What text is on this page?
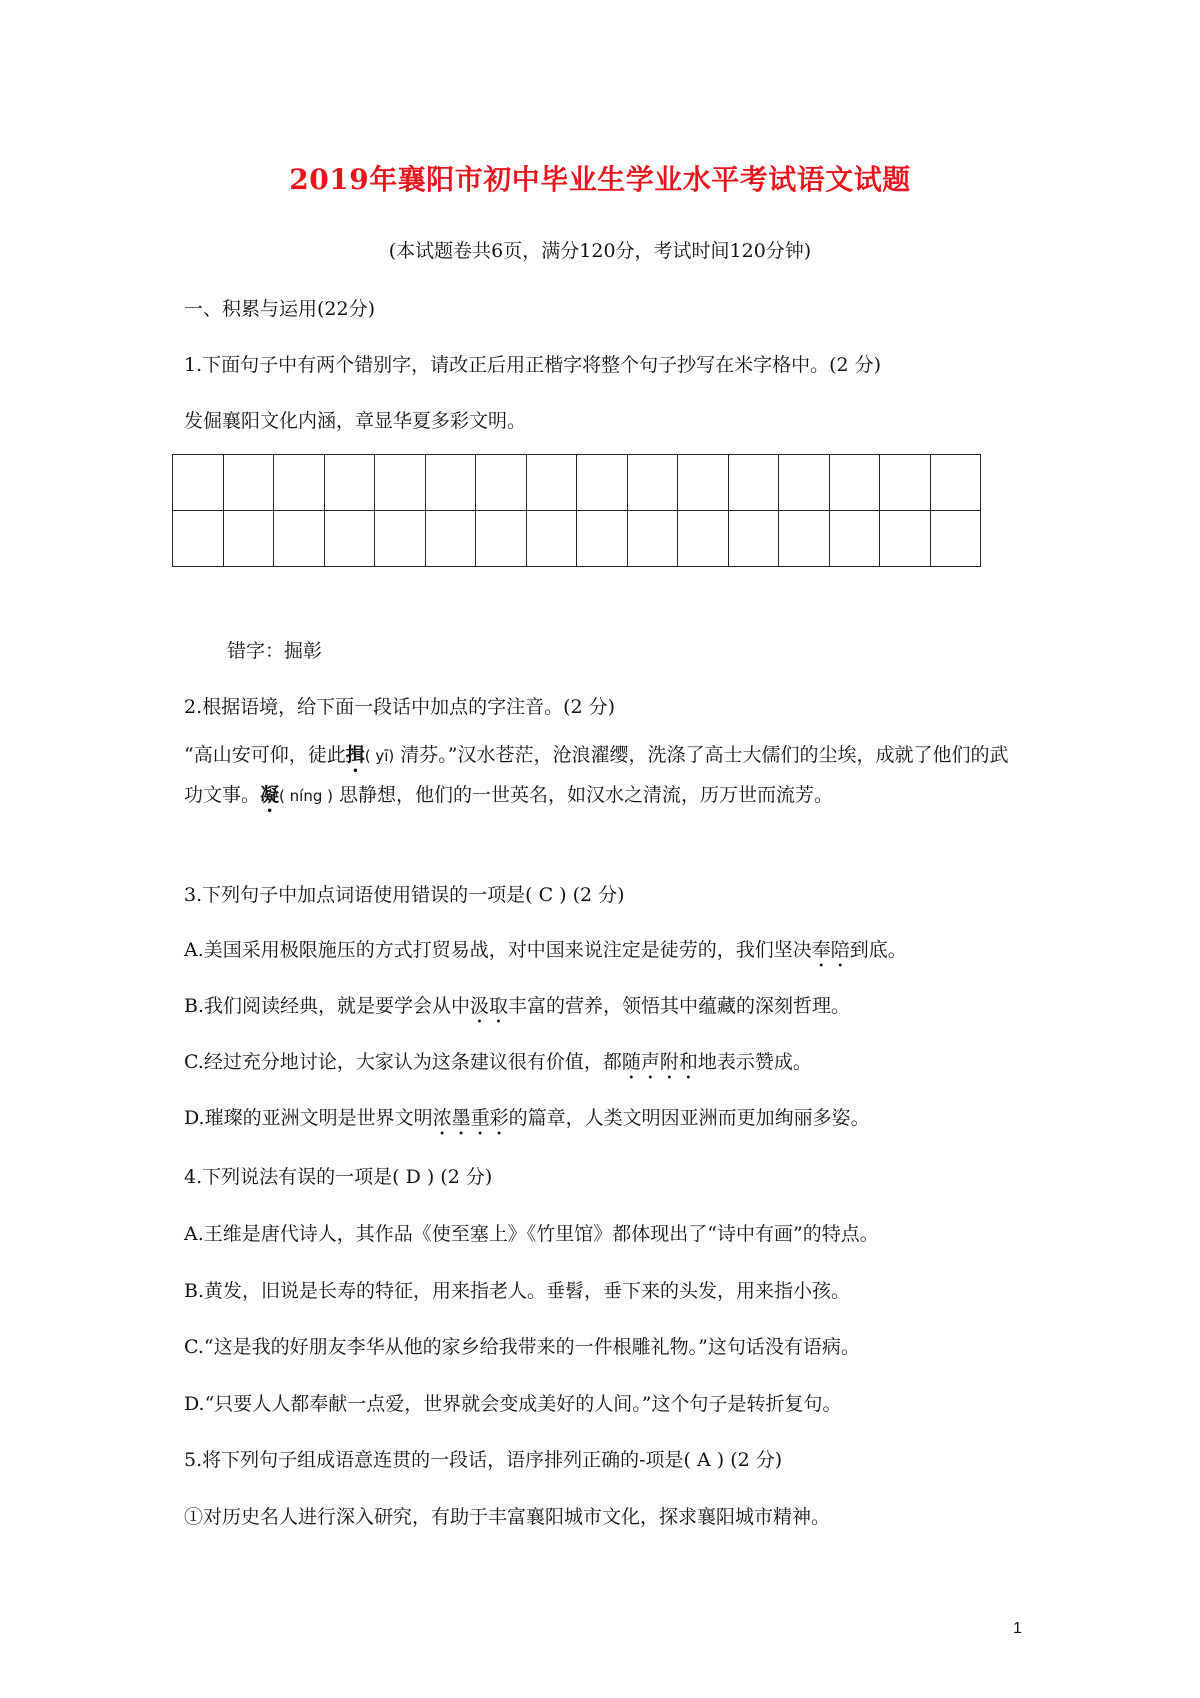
2019年襄阳市初中毕业生学业水平考试语文试题
(本试题卷共6页，满分120分，考试时间120分钟)
一、积累与运用(22分)
1.下面句子中有两个错别字，请改正后用正楷字将整个句子抄写在米字格中。(2 分)
发倔襄阳文化内涵，章显华夏多彩文明。

错字：掘彰
2.根据语境，给下面一段话中加点的字注音。(2 分)
“高山安可仰，徒此揖( yī) 清芬。”汉水苍茫，沧浪濯缨，洗涤了高士大儒们的尘埃，成就了他们的武功文事。凝( níng ) 思静想，他们的一世英名，如汉水之清流，历万世而流芳。
3.下列句子中加点词语使用错误的一项是( C ) (2 分)
A.美国采用极限施压的方式打贸易战，对中国来说注定是徒劳的，我们坚决奉陪到底。
B.我们阅读经典，就是要学会从中汲取丰富的营养，领悟其中蕴藏的深刻哲理。
C.经过充分地讨论，大家认为这条建议很有价值，都随声附和地表示赞成。
D.璀璨的亚洲文明是世界文明浓墨重彩的篇章，人类文明因亚洲而更加绚丽多姿。
4.下列说法有误的一项是( D ) (2 分)
A.王维是唐代诗人，其作品《使至塞上》《竹里馆》都体现出了“诗中有画”的特点。
B.黄发，旧说是长寿的特征，用来指老人。垂髫，垂下来的头发，用来指小孩。
C.“这是我的好朋友李华从他的家乡给我带来的一件根雕礼物。”这句话没有语病。
D.“只要人人都奉献一点爱，世界就会变成美好的人间。”这个句子是转折复句。
5.将下列句子组成语意连贯的一段话，语序排列正确的-项是( A ) (2 分)
①对历史名人进行深入研究，有助于丰富襄阳城市文化，探求襄阳城市精神。
1
